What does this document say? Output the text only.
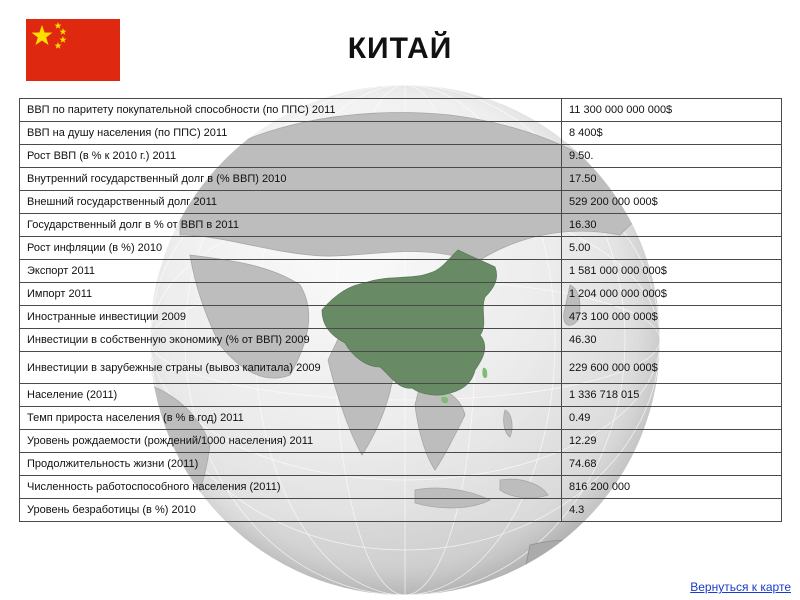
КИТАЙ
ВВП по паритету покупательной способности (по ППС) 2011	11 300 000 000 000$
ВВП на душу населения (по ППС) 2011	8 400$
Рост ВВП (в % к 2010 г.) 2011	9.50.
Внутренний государственный долг в (% ВВП) 2010	17.50
Внешний государственный долг 2011	529 200 000 000$
Государственный долг в % от ВВП в 2011	16.30
Рост инфляции (в %) 2010	5.00
Экспорт 2011	1 581 000 000 000$
Импорт 2011	1 204 000 000 000$
Иностранные инвестиции 2009	473 100 000 000$
Инвестиции в собственную экономику (% от ВВП) 2009	46.30
Инвестиции в зарубежные страны (вывоз капитала) 2009	229 600 000 000$
Население (2011)	1 336 718 015
Темп прироста населения (в % в год) 2011	0.49
Уровень рождаемости (рождений/1000 населения) 2011	12.29
Продолжительность жизни (2011)	74.68
Численность работоспособного населения (2011)	816 200 000
Уровень безработицы (в %) 2010	4.3
Вернуться к карте
